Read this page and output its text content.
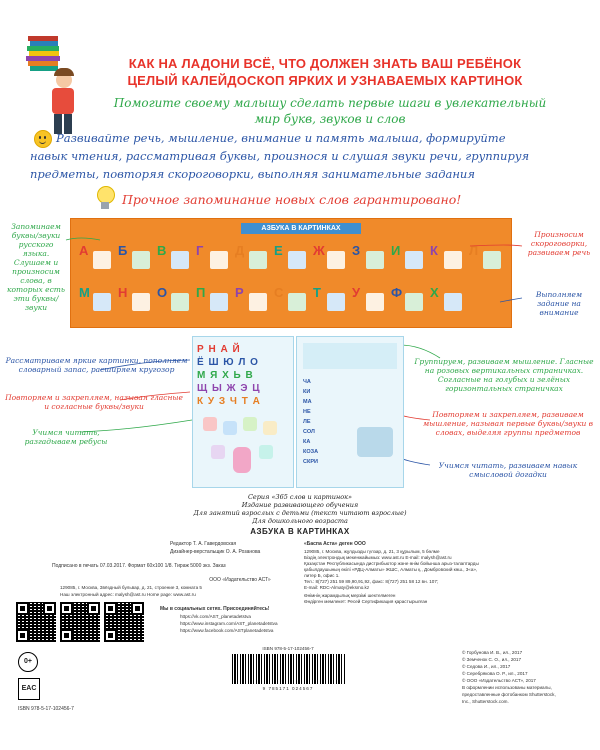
КАК НА ЛАДОНИ ВСЁ, ЧТО ДОЛЖЕН ЗНАТЬ ВАШ РЕБЁНОК
ЦЕЛЫЙ КАЛЕЙДОСКОП ЯРКИХ И УЗНАВАЕМЫХ КАРТИНОК
Помогите своему малышу сделать первые шаги в увлекательный
мир букв, звуков и слов
Развивайте речь, мышление, внимание и память малыша, формируйте
навык чтения, рассматривая буквы, произнося и слушая звуки речи, группируя
предметы, повторяя скороговорки, выполняя занимательные задания
Прочное запоминание новых слов гарантировано!
АЗБУКА В КАРТИНКАХ
А Б В Г Д Е Ж З И К Л
М Н О П Р С Т У Ф Х
Запоминаем буквы/звуки русского языка. Слушаем и произносим слова, в которых есть эти буквы/звуки
Рассматриваем яркие картинки, пополняем словарный запас, расширяем кругозор
Повторяем и закрепляем, называя гласные и согласные буквы/звуки
Учимся читать, разгадываем ребусы
Произносим скороговорки, развиваем речь
Выполняем задание на внимание
Группируем, развиваем мышление. Гласные на розовых вертикальных страничках. Согласные на голубых и зелёных горизонтальных страничках
Повторяем и закрепляем, развиваем мышление, называя первые буквы/звуки в словах, выделяя группы предметов
Учимся читать, развиваем навык смысловой догадки
Р Н А Й
Ё Ш Ю Л О
М Я Х Ь В
Щ Ы Ж Э Ц
К У З Ч Т А
ЧА
КИ
МА
НЕ
ЛЕ
СОЛ
КА
КОЗА
СКРИ
Серия «365 слов и картинок»
Издание развивающего обучения
Для занятий взрослых с детьми (текст читают взрослые)
Для дошкольного возраста
АЗБУКА В КАРТИНКАХ
Редактор Т. А. Гавердовская
Дизайнер-верстальщик О. А. Розанова
Подписано в печать 07.03.2017. Формат 60х100 1/8. Тираж 5000 экз. Заказ
ООО «Издательство АСТ»
129085, г. Москва, Звёздный бульвар, д. 21, строение 3, комната 5
Наш электронный адрес: malysh@ast.ru Home page: www.ast.ru
Мы в социальных сетях. Присоединяйтесь!
https://vk.com/AST_planetadetstva
https://www.instagram.com/AST_planetadetstva
https://www.facebook.com/ASTplanetadetstva
«Баспа Аста» деген ООО
129085, г. Москва, жұлдызды гүлзар, д. 21, 3 құрылым, 5 бөлме
Біздің электрондық мекенжайымыз: www.ast.ru E-mail: malysh@ast.ru
Қазақстан Республикасында дистрибьютор және өнім бойынша арыз-талаптарды
қабылдаушының өкілі «РДЦ-Алматы» ЖШС, Алматы қ., Домбровский көш., 3«а»,
литер Б, офис 1.
Тел.: 8(727) 251 59 89,90,91,92, факс: 8(727) 251 58 12 вн. 107;
E-mail: RDC-Almaty@eksmo.kz
Өнімнің жарамдылық мерзімі шектелмеген
Өндірген мемлекет: Ресей Сертификация қарастырылған
0+
EAC
ISBN 978-5-17-102456-7
ISBN 978-5-17-102456-7
9 785171 024567
© Горбунова И. В., ил., 2017
© Земченок С. О., ил., 2017
© Седова И., ил., 2017
© Серебрякова О. Р., ил., 2017
© ООО «Издательство АСТ», 2017
В оформлении использованы материалы,
предоставленные фотобанком Shutterstock,
Inc., Shutterstock.com.
